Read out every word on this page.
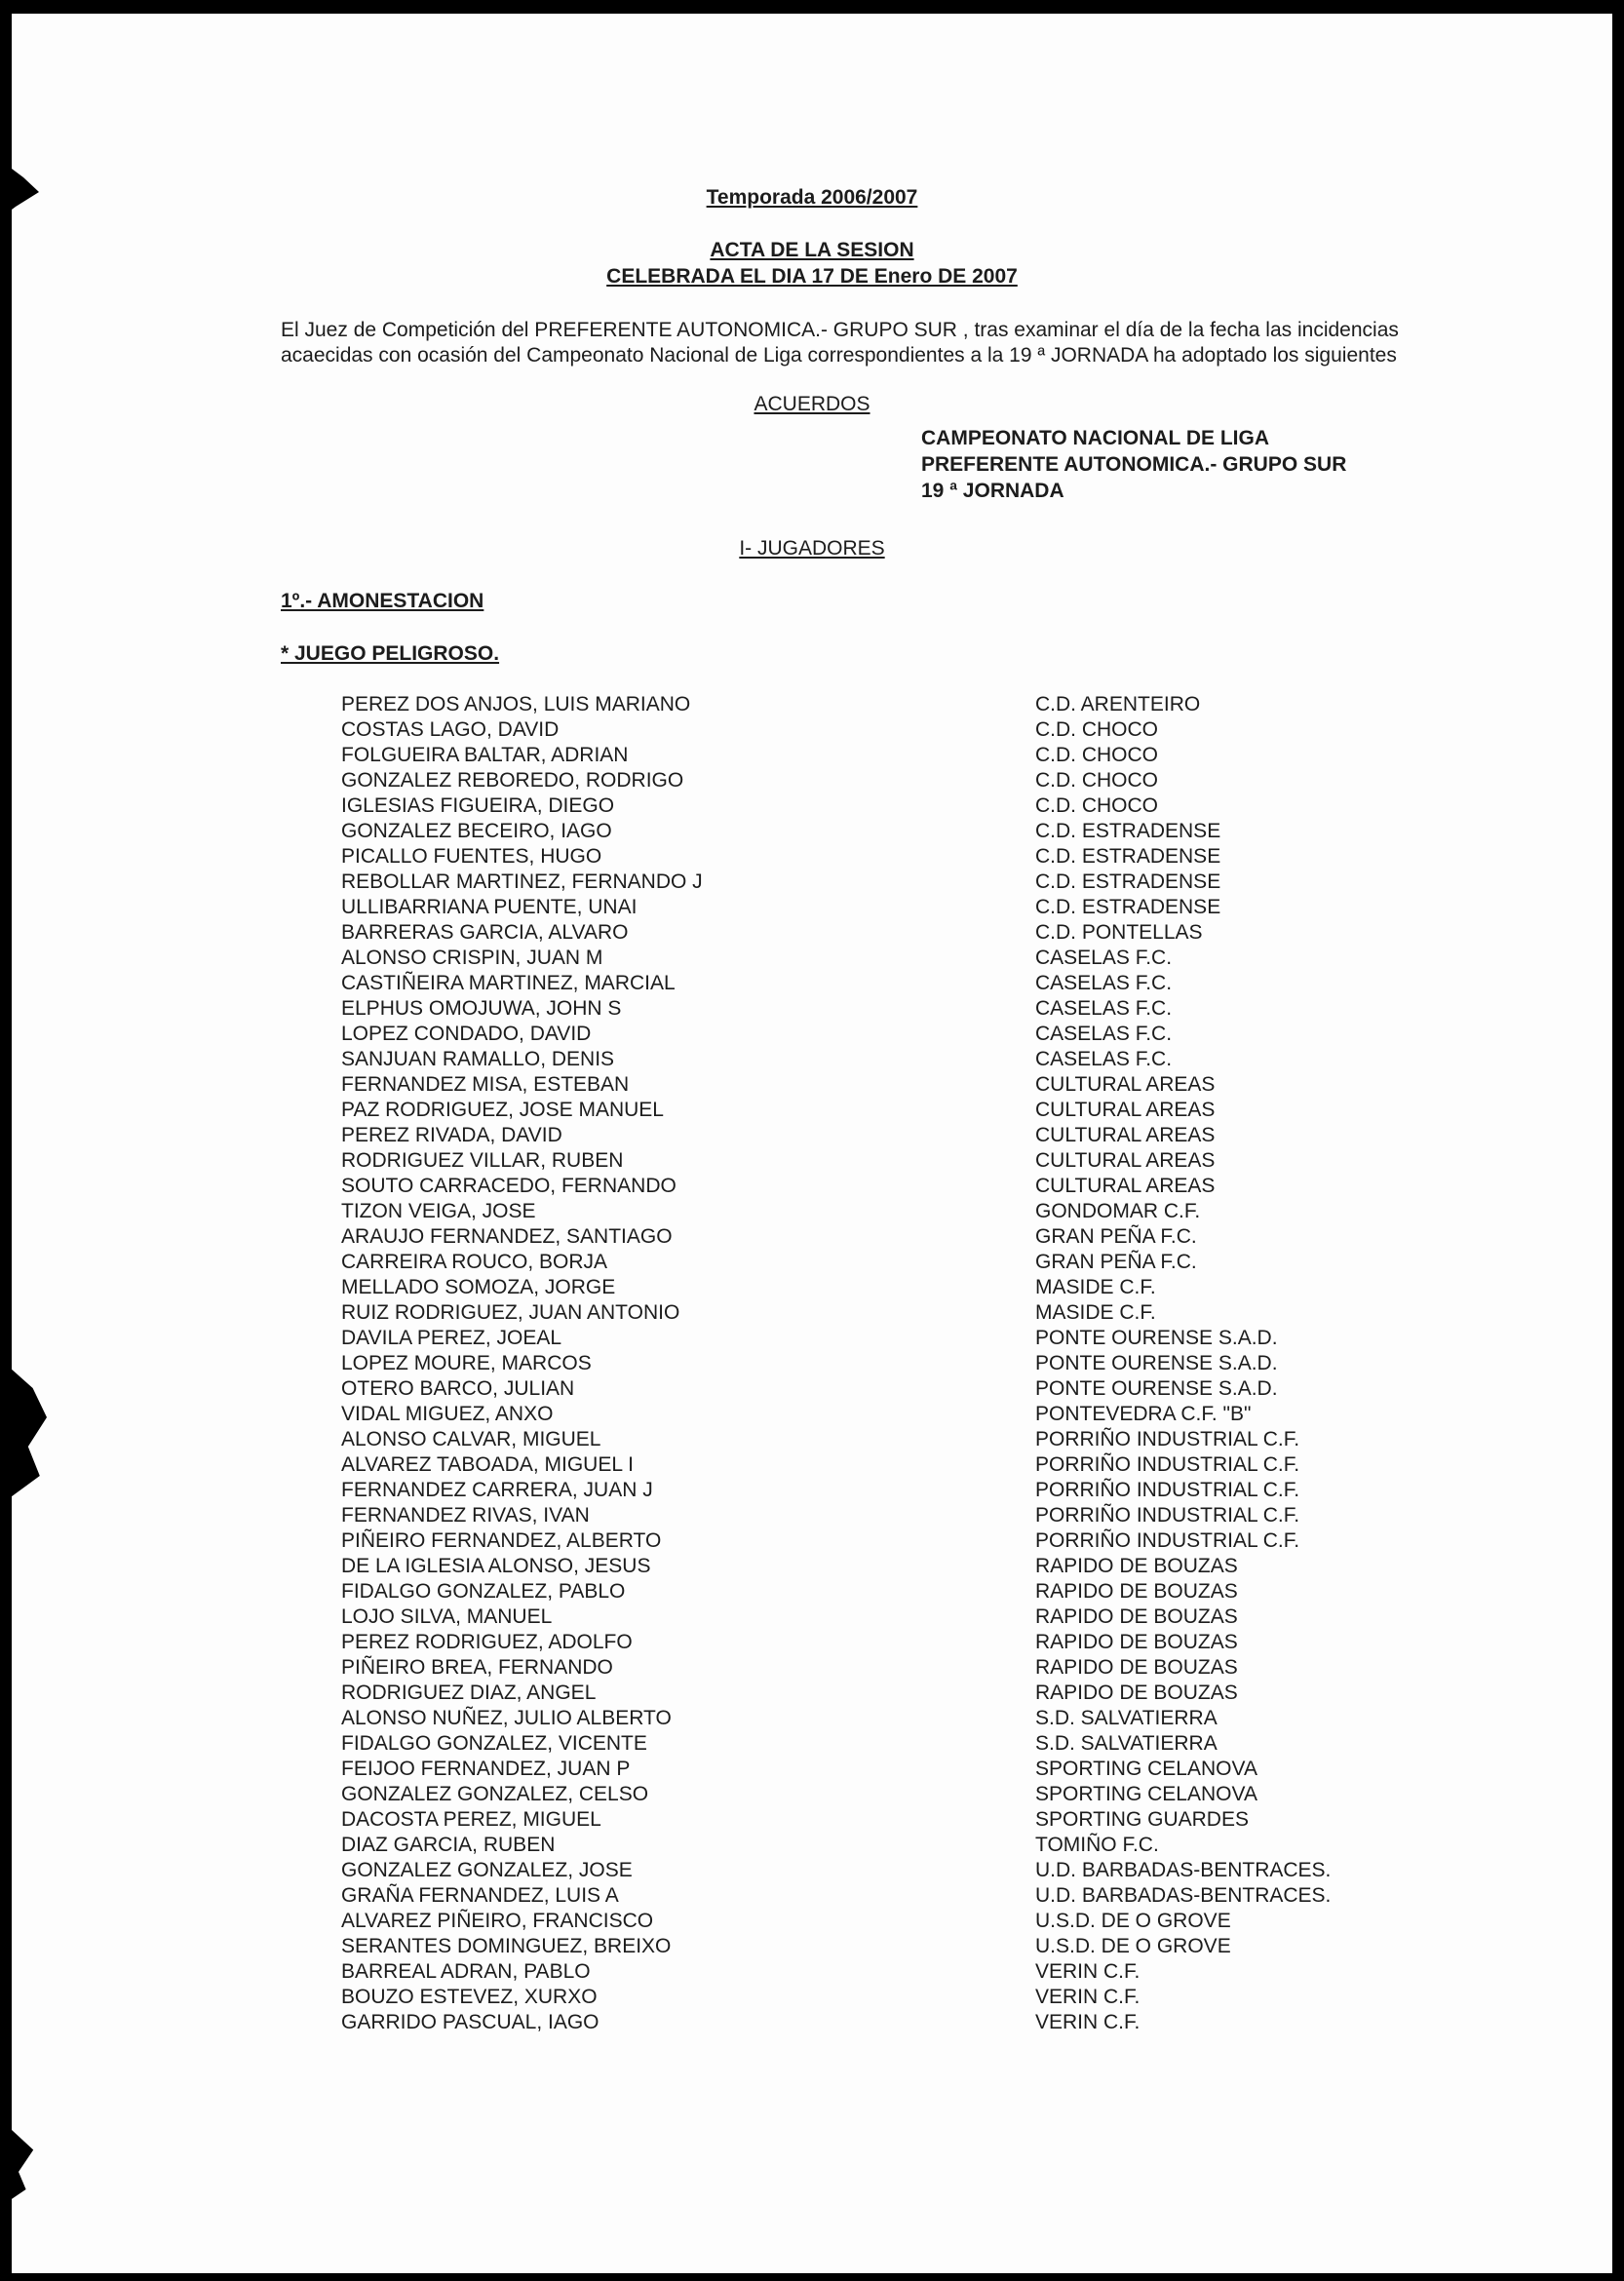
Temporada 2006/2007
ACTA DE LA SESION
CELEBRADA EL DIA 17 DE Enero DE 2007
El Juez de Competición del PREFERENTE AUTONOMICA.- GRUPO SUR , tras examinar el día de la fecha las incidencias
acaecidas con ocasión del Campeonato Nacional de Liga correspondientes a la 19 ª JORNADA ha adoptado los siguientes
ACUERDOS
CAMPEONATO NACIONAL DE LIGA
PREFERENTE AUTONOMICA.- GRUPO SUR
19 ª JORNADA
I- JUGADORES
1º.- AMONESTACION
* JUEGO PELIGROSO.
PEREZ DOS ANJOS, LUIS MARIANO	C.D. ARENTEIRO
COSTAS LAGO, DAVID	C.D. CHOCO
FOLGUEIRA BALTAR, ADRIAN	C.D. CHOCO
GONZALEZ REBOREDO, RODRIGO	C.D. CHOCO
IGLESIAS FIGUEIRA, DIEGO	C.D. CHOCO
GONZALEZ BECEIRO, IAGO	C.D. ESTRADENSE
PICALLO FUENTES, HUGO	C.D. ESTRADENSE
REBOLLAR MARTINEZ, FERNANDO J	C.D. ESTRADENSE
ULLIBARRIANA PUENTE, UNAI	C.D. ESTRADENSE
BARRERAS GARCIA, ALVARO	C.D. PONTELLAS
ALONSO CRISPIN, JUAN M	CASELAS F.C.
CASTIÑEIRA MARTINEZ, MARCIAL	CASELAS F.C.
ELPHUS OMOJUWA, JOHN S	CASELAS F.C.
LOPEZ CONDADO, DAVID	CASELAS F.C.
SANJUAN RAMALLO, DENIS	CASELAS F.C.
FERNANDEZ MISA, ESTEBAN	CULTURAL AREAS
PAZ RODRIGUEZ, JOSE MANUEL	CULTURAL AREAS
PEREZ RIVADA, DAVID	CULTURAL AREAS
RODRIGUEZ VILLAR, RUBEN	CULTURAL AREAS
SOUTO CARRACEDO, FERNANDO	CULTURAL AREAS
TIZON VEIGA, JOSE	GONDOMAR C.F.
ARAUJO FERNANDEZ, SANTIAGO	GRAN PEÑA F.C.
CARREIRA ROUCO, BORJA	GRAN PEÑA F.C.
MELLADO SOMOZA, JORGE	MASIDE C.F.
RUIZ RODRIGUEZ, JUAN ANTONIO	MASIDE C.F.
DAVILA PEREZ, JOEAL	PONTE OURENSE S.A.D.
LOPEZ MOURE, MARCOS	PONTE OURENSE S.A.D.
OTERO BARCO, JULIAN	PONTE OURENSE S.A.D.
VIDAL MIGUEZ, ANXO	PONTEVEDRA C.F. "B"
ALONSO CALVAR, MIGUEL	PORRIÑO INDUSTRIAL C.F.
ALVAREZ TABOADA, MIGUEL I	PORRIÑO INDUSTRIAL C.F.
FERNANDEZ CARRERA, JUAN J	PORRIÑO INDUSTRIAL C.F.
FERNANDEZ RIVAS, IVAN	PORRIÑO INDUSTRIAL C.F.
PIÑEIRO FERNANDEZ, ALBERTO	PORRIÑO INDUSTRIAL C.F.
DE LA IGLESIA ALONSO, JESUS	RAPIDO DE BOUZAS
FIDALGO GONZALEZ, PABLO	RAPIDO DE BOUZAS
LOJO SILVA, MANUEL	RAPIDO DE BOUZAS
PEREZ RODRIGUEZ, ADOLFO	RAPIDO DE BOUZAS
PIÑEIRO BREA, FERNANDO	RAPIDO DE BOUZAS
RODRIGUEZ DIAZ, ANGEL	RAPIDO DE BOUZAS
ALONSO NUÑEZ, JULIO ALBERTO	S.D. SALVATIERRA
FIDALGO GONZALEZ, VICENTE	S.D. SALVATIERRA
FEIJOO FERNANDEZ, JUAN P	SPORTING CELANOVA
GONZALEZ GONZALEZ, CELSO	SPORTING CELANOVA
DACOSTA PEREZ, MIGUEL	SPORTING GUARDES
DIAZ GARCIA, RUBEN	TOMIÑO F.C.
GONZALEZ GONZALEZ, JOSE	U.D. BARBADAS-BENTRACES.
GRAÑA FERNANDEZ, LUIS A	U.D. BARBADAS-BENTRACES.
ALVAREZ PIÑEIRO, FRANCISCO	U.S.D. DE O GROVE
SERANTES DOMINGUEZ, BREIXO	U.S.D. DE O GROVE
BARREAL ADRAN, PABLO	VERIN C.F.
BOUZO ESTEVEZ, XURXO	VERIN C.F.
GARRIDO PASCUAL, IAGO	VERIN C.F.
